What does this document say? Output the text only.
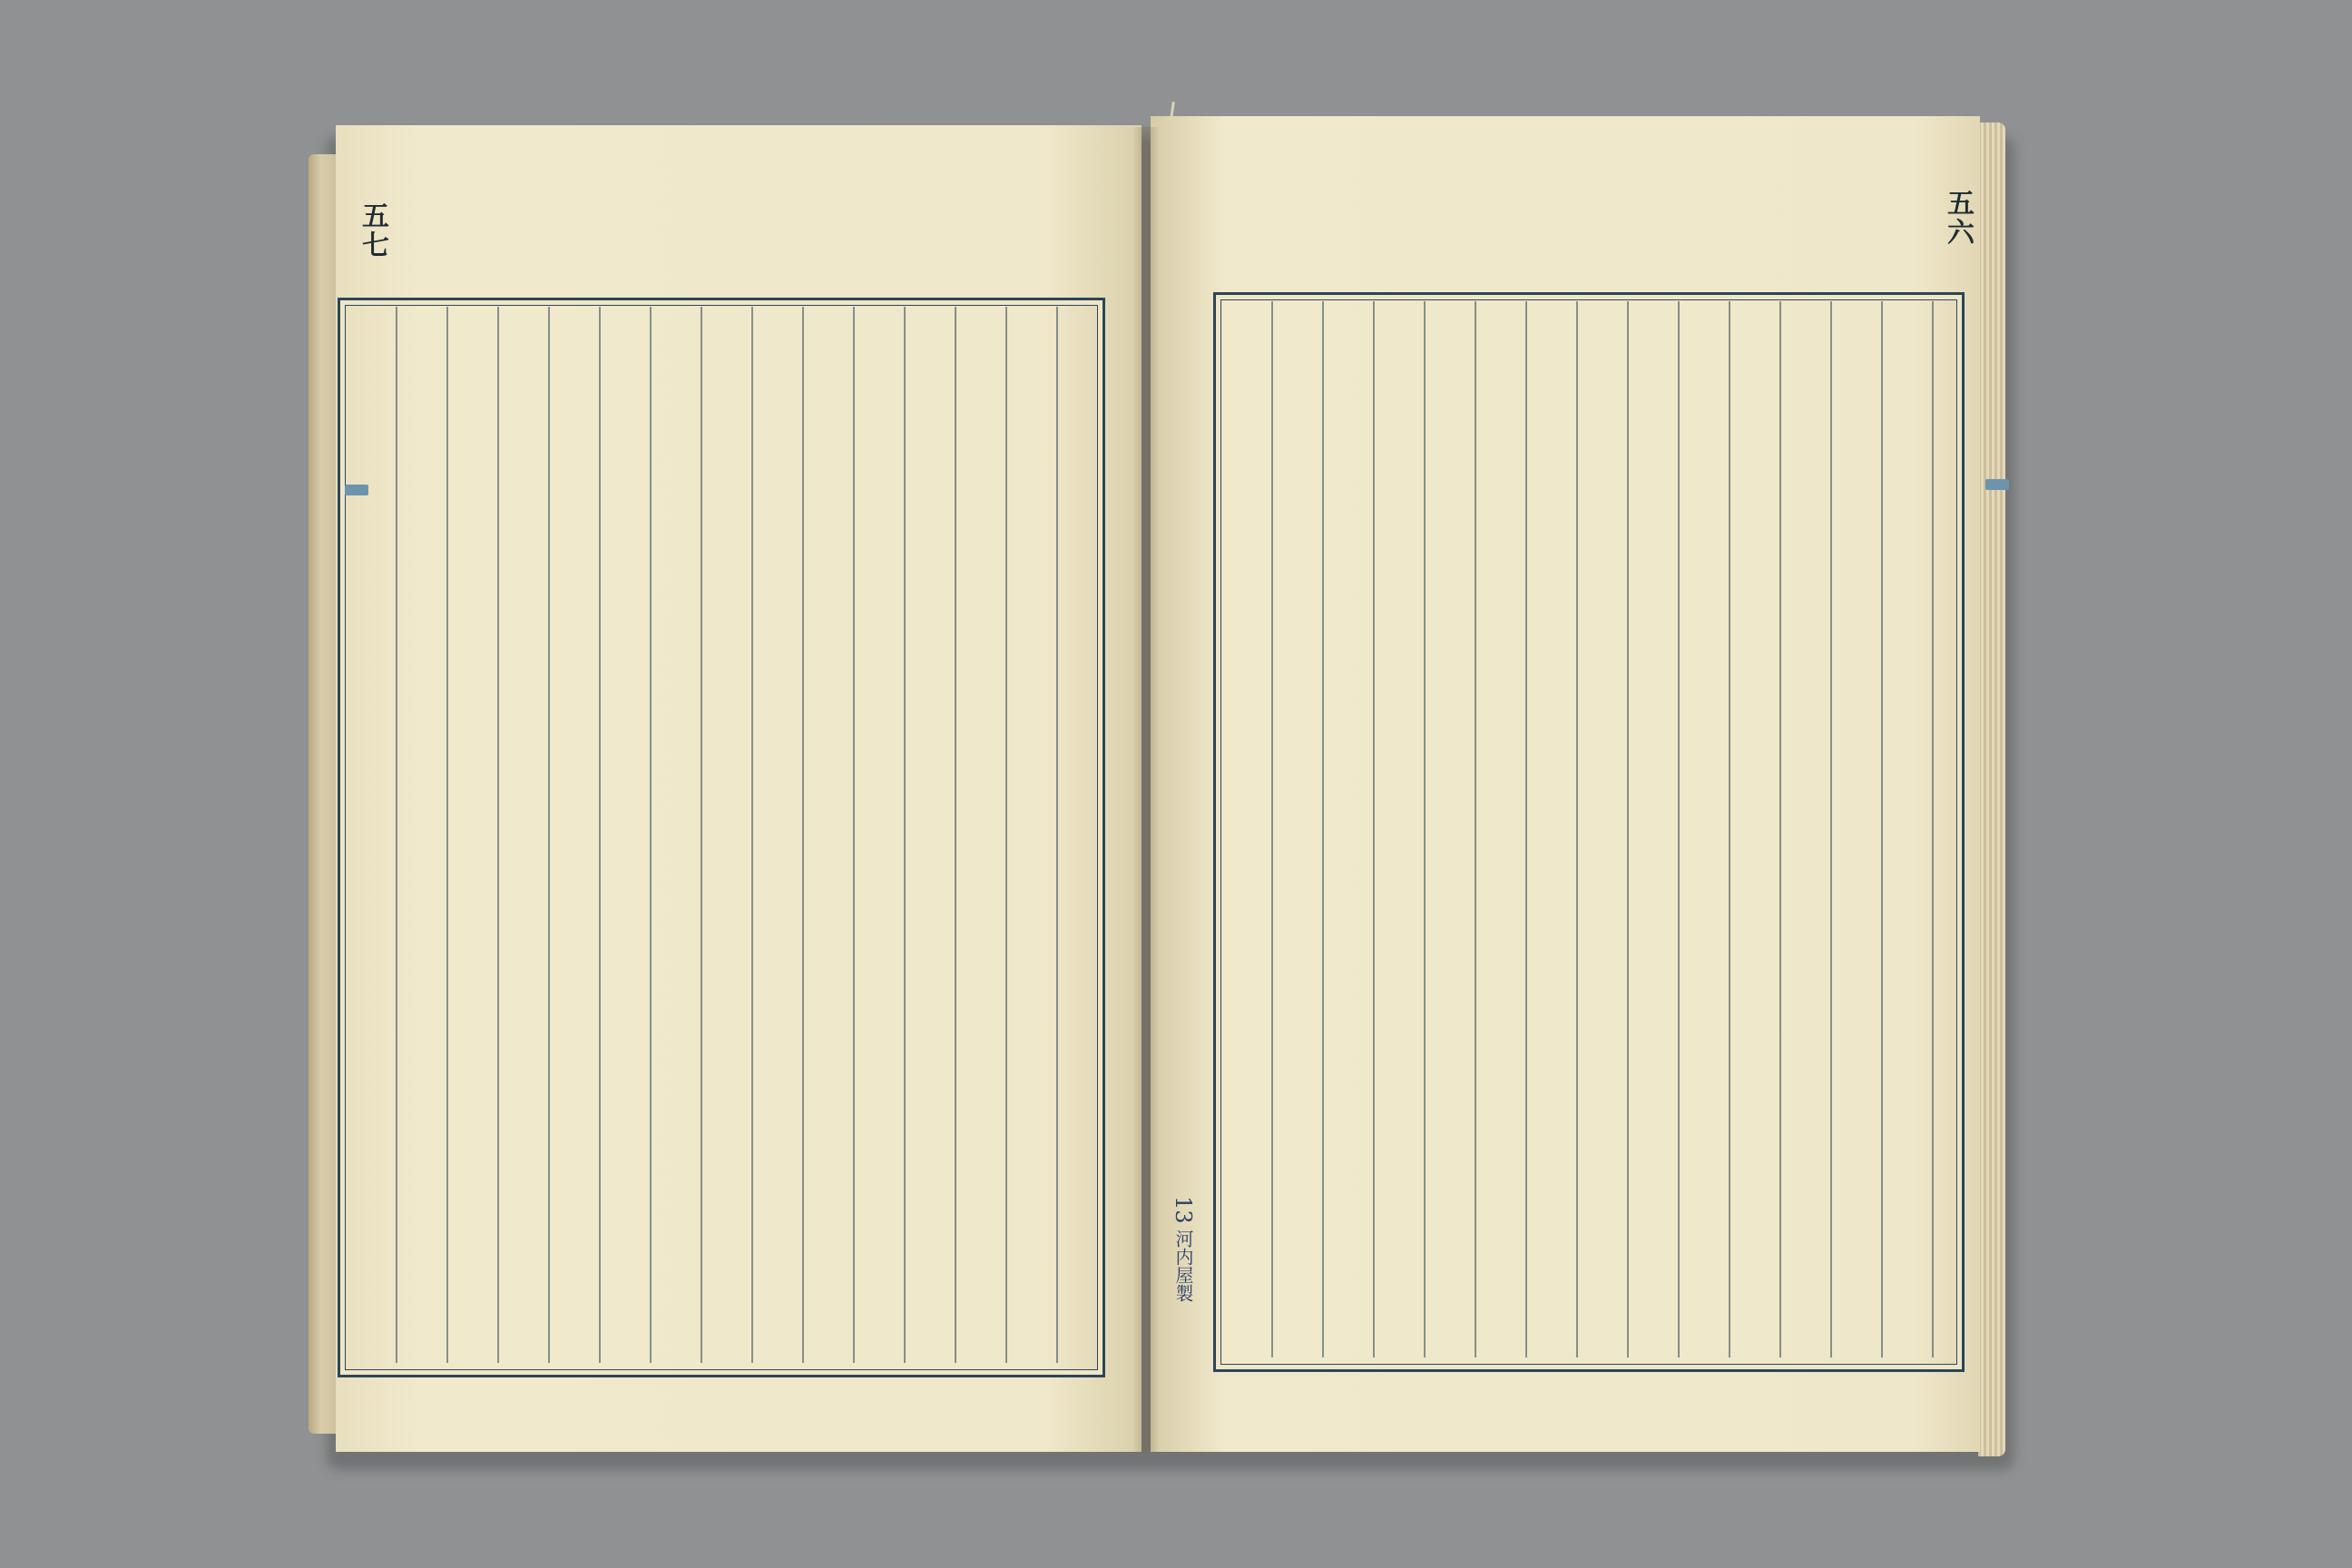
五七	五六
13 河内屋製
